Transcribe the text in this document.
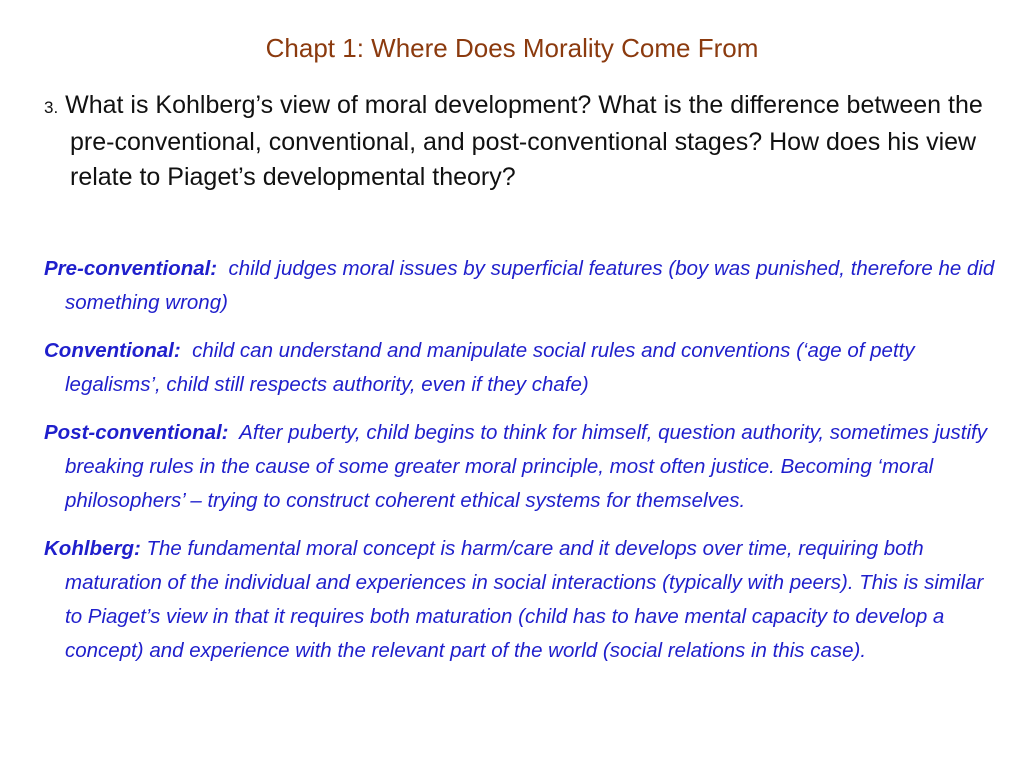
Chapt 1: Where Does Morality Come From
3. What is Kohlberg’s view of moral development? What is the difference between the pre-conventional, conventional, and post-conventional stages? How does his view relate to Piaget’s developmental theory?
Pre-conventional: child judges moral issues by superficial features (boy was punished, therefore he did something wrong)
Conventional: child can understand and manipulate social rules and conventions (‘age of petty legalisms’, child still respects authority, even if they chafe)
Post-conventional: After puberty, child begins to think for himself, question authority, sometimes justify breaking rules in the cause of some greater moral principle, most often justice. Becoming ‘moral philosophers’ – trying to construct coherent ethical systems for themselves.
Kohlberg: The fundamental moral concept is harm/care and it develops over time, requiring both maturation of the individual and experiences in social interactions (typically with peers). This is similar to Piaget’s view in that it requires both maturation (child has to have mental capacity to develop a concept) and experience with the relevant part of the world (social relations in this case).
